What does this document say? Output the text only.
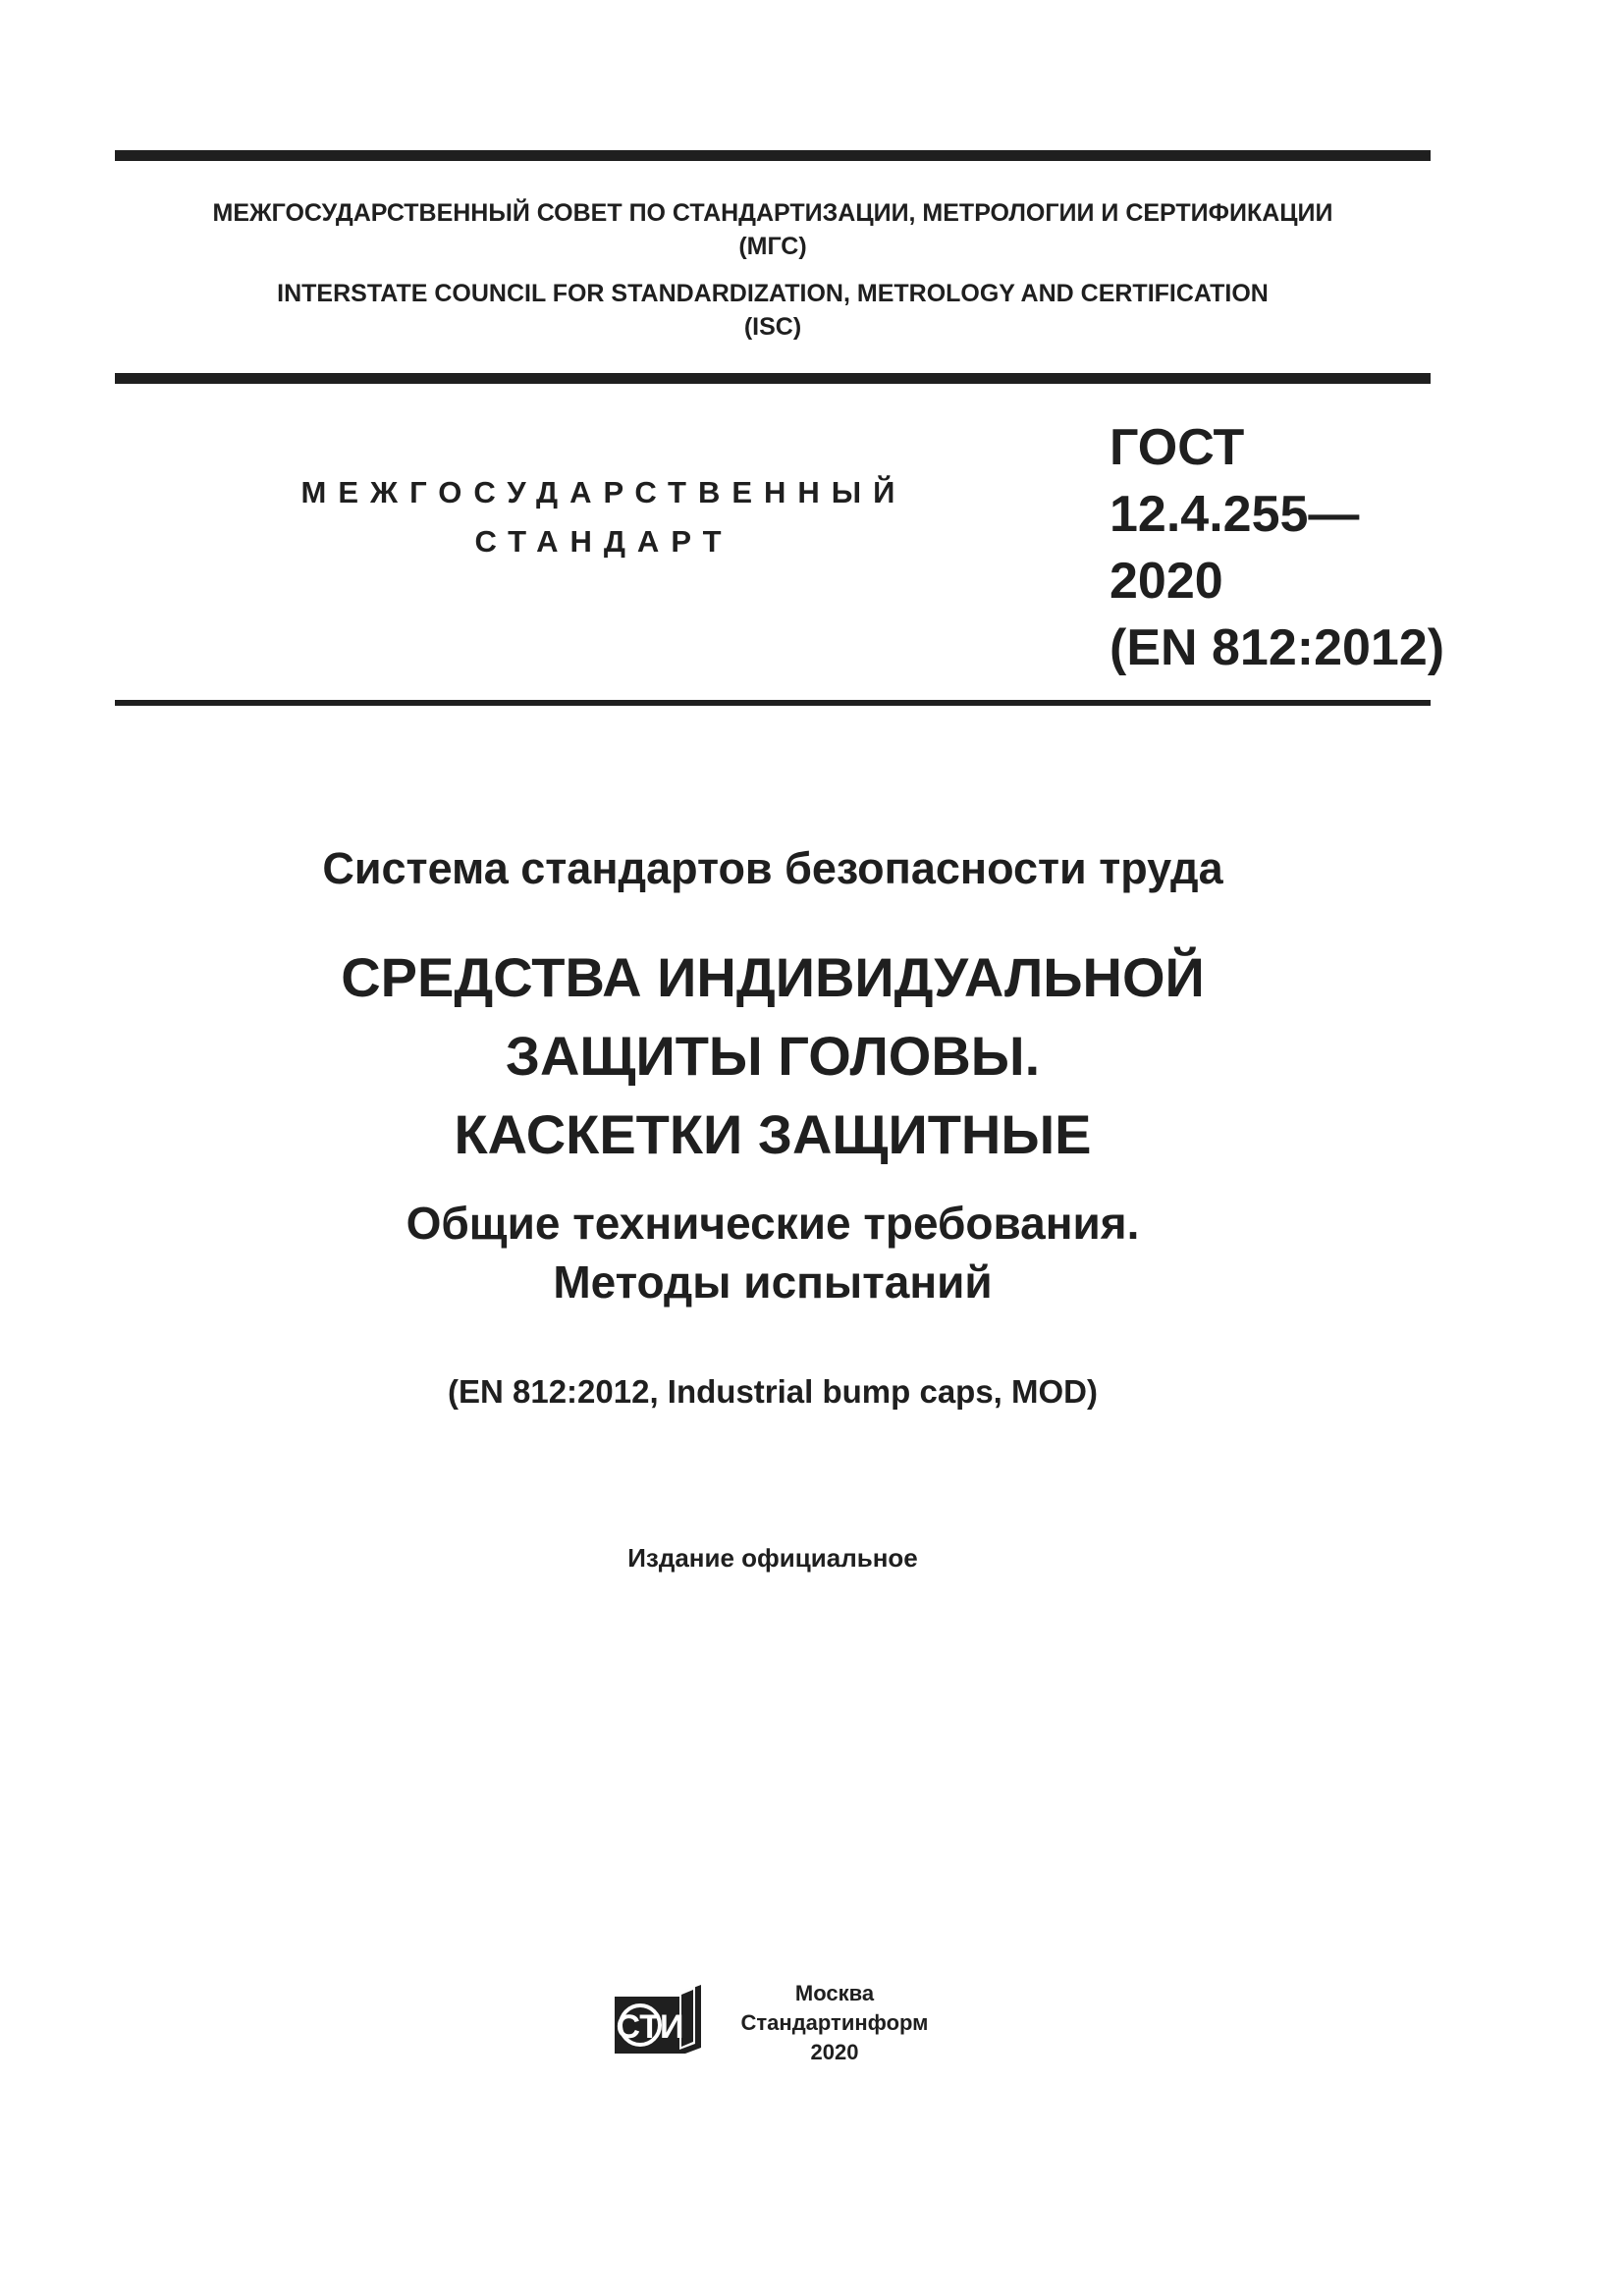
МЕЖГОСУДАРСТВЕННЫЙ СОВЕТ ПО СТАНДАРТИЗАЦИИ, МЕТРОЛОГИИ И СЕРТИФИКАЦИИ
(МГС)
INTERSTATE COUNCIL FOR STANDARDIZATION, METROLOGY AND CERTIFICATION
(ISC)
МЕЖГОСУДАРСТВЕННЫЙ
СТАНДАРТ
ГОСТ
12.4.255—
2020
(EN 812:2012)
Система стандартов безопасности труда
СРЕДСТВА ИНДИВИДУАЛЬНОЙ
ЗАЩИТЫ ГОЛОВЫ.
КАСКЕТКИ ЗАЩИТНЫЕ
Общие технические требования.
Методы испытаний
(EN 812:2012, Industrial bump caps, MOD)
Издание официальное
СТИ
Москва
Стандартинформ
2020
